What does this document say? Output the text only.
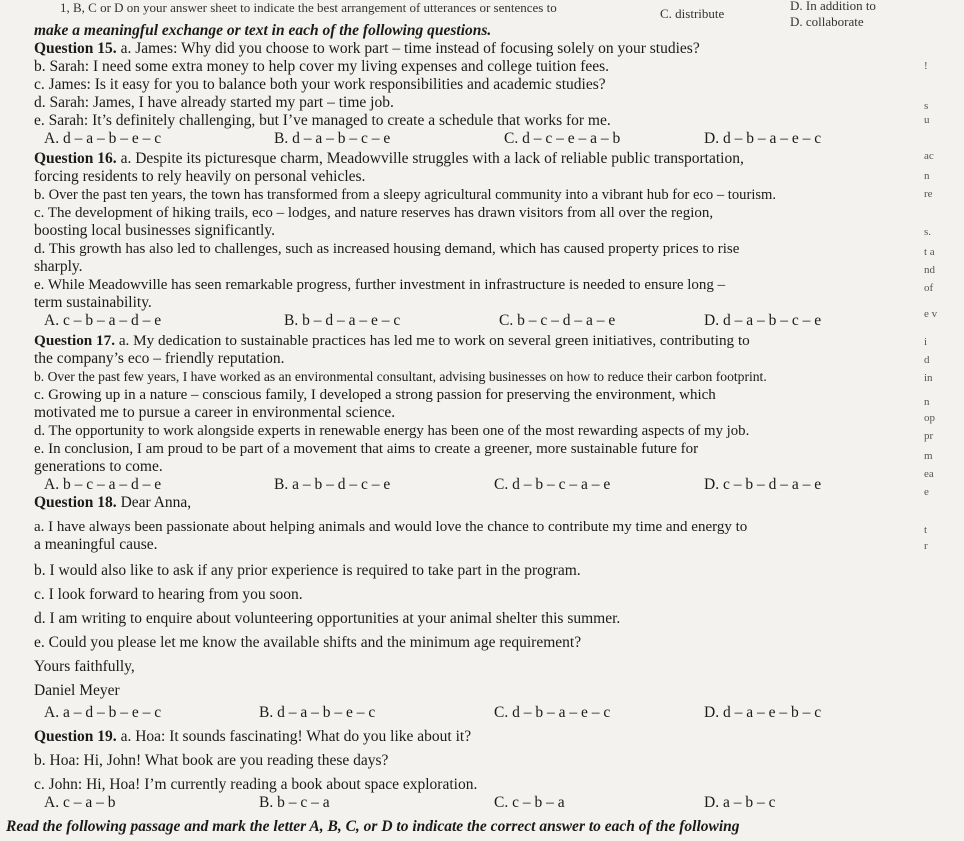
1, B, C or D on your answer sheet to indicate the best arrangement of utterances or sentences to	C. distribute
D. In addition to
D. collaborate
make a meaningful exchange or text in each of the following questions.
Question 15. a. James: Why did you choose to work part – time instead of focusing solely on your studies?
b. Sarah: I need some extra money to help cover my living expenses and college tuition fees.
c. James: Is it easy for you to balance both your work responsibilities and academic studies?
d. Sarah: James, I have already started my part – time job.
e. Sarah: It’s definitely challenging, but I’ve managed to create a schedule that works for me.
A. d – a – b – e – c	B. d – a – b – c – e	C. d – c – e – a – b	D. d – b – a – e – c
Question 16. a. Despite its picturesque charm, Meadowville struggles with a lack of reliable public transportation,
forcing residents to rely heavily on personal vehicles.
b. Over the past ten years, the town has transformed from a sleepy agricultural community into a vibrant hub for eco – tourism.
c. The development of hiking trails, eco – lodges, and nature reserves has drawn visitors from all over the region,
boosting local businesses significantly.
d. This growth has also led to challenges, such as increased housing demand, which has caused property prices to rise
sharply.
e. While Meadowville has seen remarkable progress, further investment in infrastructure is needed to ensure long –
term sustainability.
A. c – b – a – d – e	B. b – d – a – e – c	C. b – c – d – a – e	D. d – a – b – c – e
Question 17. a. My dedication to sustainable practices has led me to work on several green initiatives, contributing to
the company’s eco – friendly reputation.
b. Over the past few years, I have worked as an environmental consultant, advising businesses on how to reduce their carbon footprint.
c. Growing up in a nature – conscious family, I developed a strong passion for preserving the environment, which
motivated me to pursue a career in environmental science.
d. The opportunity to work alongside experts in renewable energy has been one of the most rewarding aspects of my job.
e. In conclusion, I am proud to be part of a movement that aims to create a greener, more sustainable future for
generations to come.
A. b – c – a – d – e	B. a – b – d – c – e	C. d – b – c – a – e	D. c – b – d – a – e
Question 18. Dear Anna,
a. I have always been passionate about helping animals and would love the chance to contribute my time and energy to
a meaningful cause.
b. I would also like to ask if any prior experience is required to take part in the program.
c. I look forward to hearing from you soon.
d. I am writing to enquire about volunteering opportunities at your animal shelter this summer.
e. Could you please let me know the available shifts and the minimum age requirement?
Yours faithfully,
Daniel Meyer
A. a – d – b – e – c	B. d – a – b – e – c	C. d – b – a – e – c	D. d – a – e – b – c
Question 19. a. Hoa: It sounds fascinating! What do you like about it?
b. Hoa: Hi, John! What book are you reading these days?
c. John: Hi, Hoa! I’m currently reading a book about space exploration.
A. c – a – b	B. b – c – a	C. c – b – a	D. a – b – c
Read the following passage and mark the letter A, B, C, or D to indicate the correct answer to each of the following
!
s
u
ac
n
re
s.
t a
nd
of
e v
i
d
in
n
op
pr
m
ea
e
t
r
